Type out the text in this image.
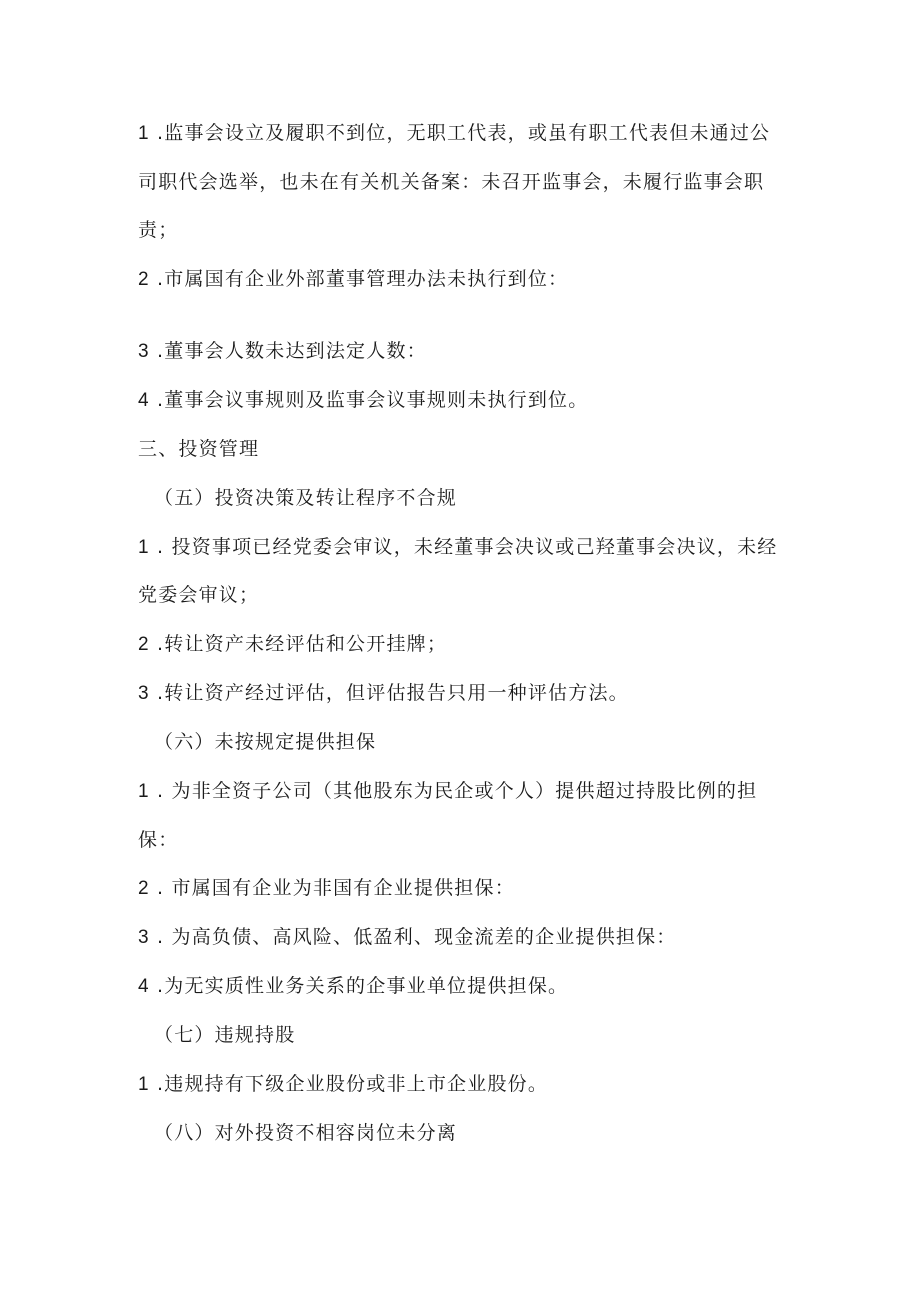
1 .监事会设立及履职不到位，无职工代表，或虽有职工代表但未通过公
司职代会选举，也未在有关机关备案：未召开监事会，未履行监事会职
责；
2 .市属国有企业外部董事管理办法未执行到位：
3 .董事会人数未达到法定人数：
4 .董事会议事规则及监事会议事规则未执行到位。
三、投资管理
（五）投资决策及转让程序不合规
1 . 投资事项已经党委会审议，未经董事会决议或己羟董事会决议，未经
党委会审议；
2 .转让资产未经评估和公开挂牌；
3 .转让资产经过评估，但评估报告只用一种评估方法。
（六）未按规定提供担保
1 . 为非全资子公司（其他股东为民企或个人）提供超过持股比例的担
保：
2 . 市属国有企业为非国有企业提供担保：
3 . 为高负债、高风险、低盈利、现金流差的企业提供担保：
4 .为无实质性业务关系的企事业单位提供担保。
（七）违规持股
1 .违规持有下级企业股份或非上市企业股份。
（八）对外投资不相容岗位未分离
